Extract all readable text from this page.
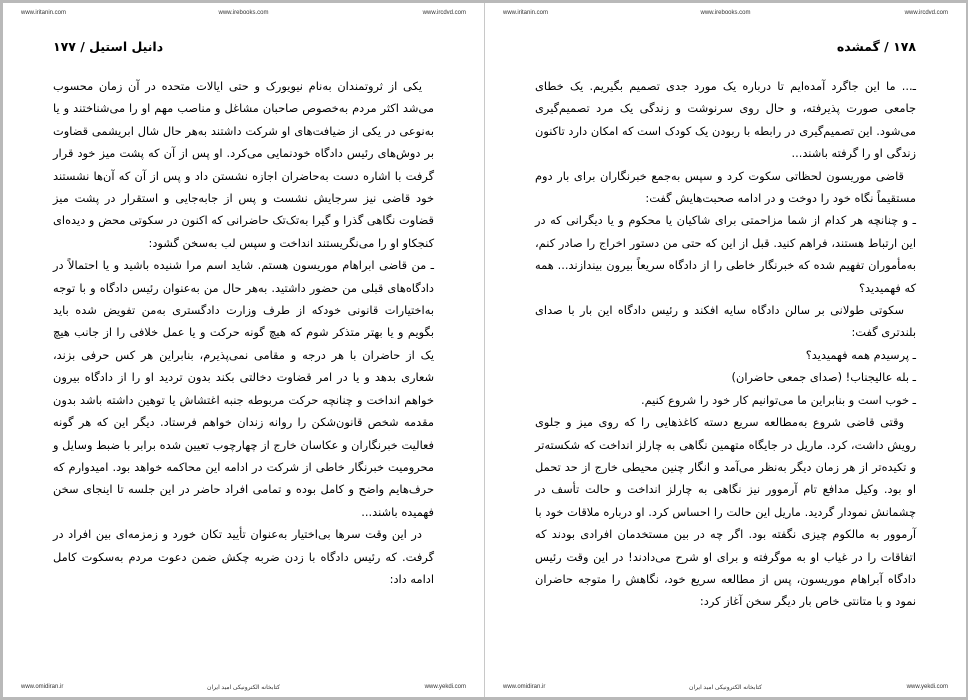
www.iritanin.com	www.irebooks.com	www.ircdvd.com
دانیل استیل / ۱۷۷

یکی از ثروتمندان به‌نام نیویورک و حتی ایالات متحده در آن زمان محسوب می‌شد اکثر مردم به‌خصوص صاحبان مشاغل و مناصب مهم او را می‌شناختند و یا به‌نوعی در یکی از ضیافت‌های او شرکت داشتند به‌هر حال شال ابریشمی قضاوت بر دوش‌های رئیس دادگاه خودنمایی می‌کرد. او پس از آن که پشت میز خود قرار گرفت با اشاره دست به‌حاضران اجازه نشستن داد و پس از آن که آن‌ها نشستند خود قاضی نیز سرجایش نشست و پس از جابه‌جایی و استقرار در پشت میز قضاوت نگاهی گذرا و گیرا به‌تک‌تک حاضرانی که اکنون در سکوتی محض و دیده‌ای کنجکاو او را می‌نگریستند انداخت و سپس لب به‌سخن گشود:

ـ من قاضی ابراهام موریسون هستم. شاید اسم مرا شنیده باشید و یا احتمالاً در دادگاه‌های قبلی من حضور داشتید. به‌هر حال من به‌عنوان رئیس دادگاه و با توجه به‌اختیارات قانونی خودکه از طرف وزارت دادگستری به‌من تفویض شده باید بگویم و یا بهتر متذکر شوم که هیچ گونه حرکت و یا عمل خلافی را از جانب هیچ یک از حاضران با هر درجه و مقامی نمی‌پذیرم، بنابراین هر کس حرفی بزند، شعاری بدهد و یا در امر قضاوت دخالتی بکند بدون تردید او را از دادگاه بیرون خواهم انداخت و چنانچه حرکت مربوطه جنبه اغتشاش یا توهین داشته باشد بدون مقدمه شخص قانون‌شکن را روانه زندان خواهم فرستاد. دیگر این که هر گونه فعالیت خبرنگاران و عکاسان خارج از چهارچوب تعیین شده برابر با ضبط وسایل و محرومیت خبرنگار خاطی از شرکت در ادامه این محاکمه خواهد بود. امیدوارم که حرف‌هایم واضح و کامل بوده و تمامی افراد حاضر در این جلسه تا اینجای سخن فهمیده باشند...

در این وقت سرها بی‌اختیار به‌عنوان تأیید تکان خورد و زمزمه‌ای بین افراد در گرفت. که رئیس دادگاه با زدن ضربه چکش ضمن دعوت مردم به‌سکوت کامل ادامه داد:

www.omidiran.ir	کتابخانه الکترونیکی امید ایران	www.yekdi.com
www.iritanin.com	www.irebooks.com	www.ircdvd.com
۱۷۸ / گمشده

ـ... ما این جاگرد آمده‌ایم تا درباره یک مورد جدی تصمیم بگیریم. یک خطای جامعی صورت پذیرفته، و حال روی سرنوشت و زندگی یک مرد تصمیم‌گیری می‌شود. این تصمیم‌گیری در رابطه با ربودن یک کودک است که امکان دارد تاکنون زندگی او را گرفته باشند...

قاضی موریسون لحظاتی سکوت کرد و سپس به‌جمع خبرنگاران برای بار دوم مستقیماً نگاه خود را دوخت و در ادامه صحبت‌هایش گفت:

ـ و چنانچه هر کدام از شما مزاحمتی برای شاکیان یا محکوم و یا دیگرانی که در این ارتباط هستند، فراهم کنید. قبل از این که حتی من دستور اخراج را صادر کنم، به‌مأموران تفهیم شده که خبرنگار خاطی را از دادگاه سریعاً بیرون بیندازند... همه که فهمیدید؟

سکوتی طولانی بر سالن دادگاه سایه افکند و رئیس دادگاه این بار با صدای بلندتری گفت:

ـ پرسیدم همه فهمیدید؟

ـ بله عالیجناب! (صدای جمعی حاضران)

ـ خوب است و بنابراین ما می‌توانیم کار خود را شروع کنیم.

وقتی قاضی شروع به‌مطالعه سریع دسته کاغذهایی را که روی میز و جلوی رویش داشت، کرد. ماریل در جایگاه متهمین نگاهی به چارلز انداخت که شکسته‌تر و تکیده‌تر از هر زمان دیگر به‌نظر می‌آمد و انگار چنین محیطی خارج از حد تحمل او بود. وکیل مدافع تام آرموور نیز نگاهی به چارلز انداخت و حالت تأسف در چشمانش نمودار گردید. ماریل این حالت را احساس کرد. او درباره ملاقات خود با آرموور به مالکوم چیزی نگفته بود. اگر چه در بین مستخدمان افرادی بودند که اتفاقات را در غیاب او به موگرفته و برای او شرح می‌دادند! در این وقت رئیس دادگاه آبراهام موریسون، پس از مطالعه سریع خود، نگاهش را متوجه حاضران نمود و با متانتی خاص بار دیگر سخن آغاز کرد:

www.omidiran.ir	کتابخانه الکترونیکی امید ایران	www.yekdi.com
